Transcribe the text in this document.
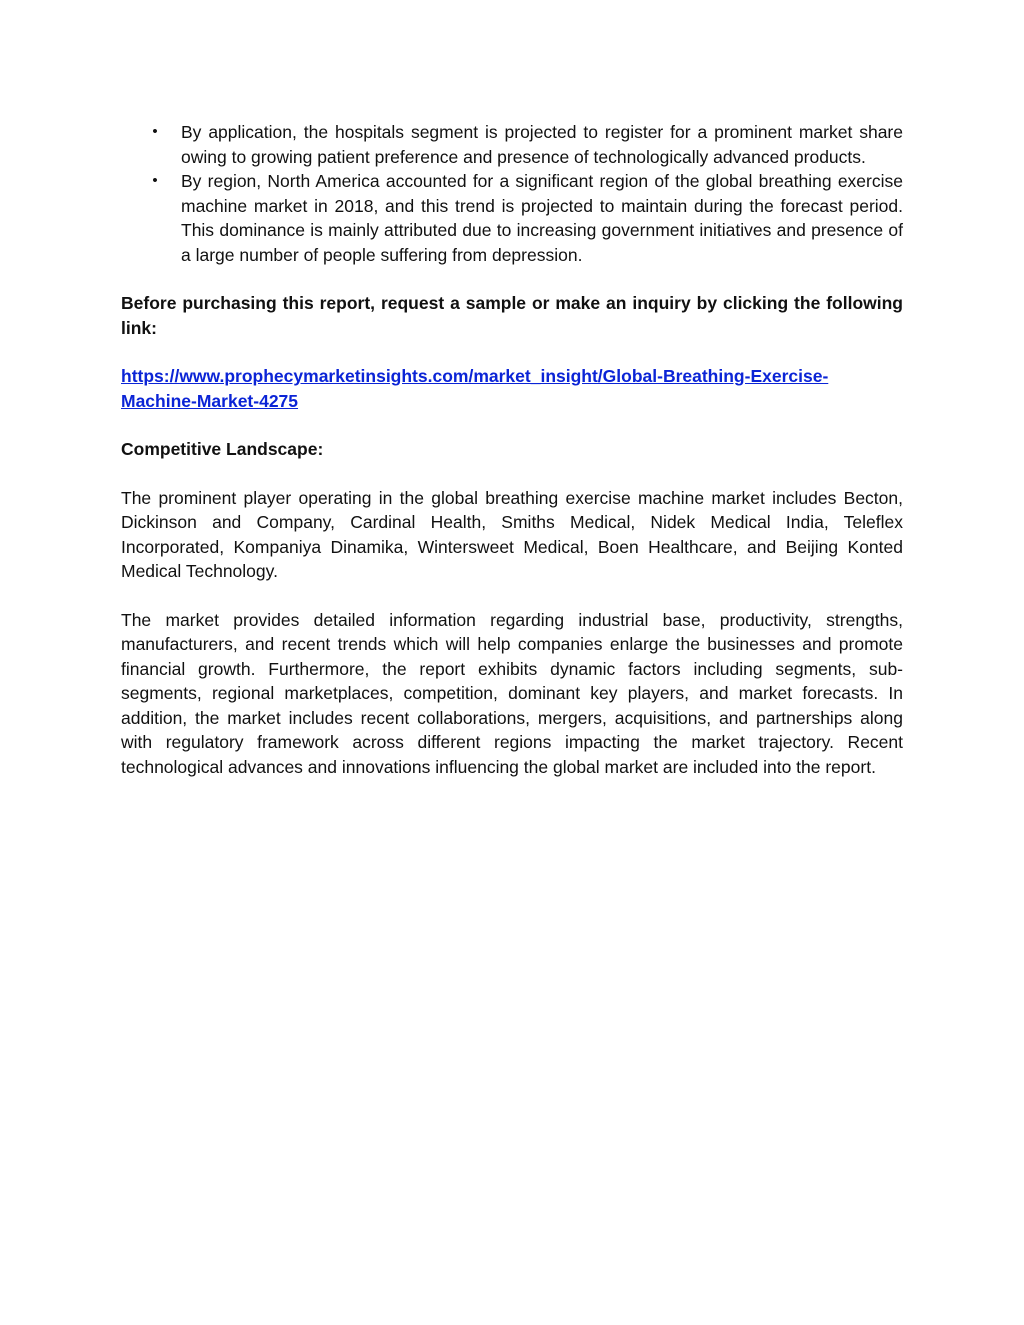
• By application, the hospitals segment is projected to register for a prominent market share owing to growing patient preference and presence of technologically advanced products.
• By region, North America accounted for a significant region of the global breathing exercise machine market in 2018, and this trend is projected to maintain during the forecast period. This dominance is mainly attributed due to increasing government initiatives and presence of a large number of people suffering from depression.

Before purchasing this report, request a sample or make an inquiry by clicking the following link:

https://www.prophecymarketinsights.com/market_insight/Global-Breathing-Exercise-
Machine-Market-4275

Competitive Landscape:

The prominent player operating in the global breathing exercise machine market includes Becton, Dickinson and Company, Cardinal Health, Smiths Medical, Nidek Medical India, Teleflex Incorporated, Kompaniya Dinamika, Wintersweet Medical, Boen Healthcare, and Beijing Konted Medical Technology.

The market provides detailed information regarding industrial base, productivity, strengths, manufacturers, and recent trends which will help companies enlarge the businesses and promote financial growth. Furthermore, the report exhibits dynamic factors including segments, sub-segments, regional marketplaces, competition, dominant key players, and market forecasts. In addition, the market includes recent collaborations, mergers, acquisitions, and partnerships along with regulatory framework across different regions impacting the market trajectory. Recent technological advances and innovations influencing the global market are included into the report.
